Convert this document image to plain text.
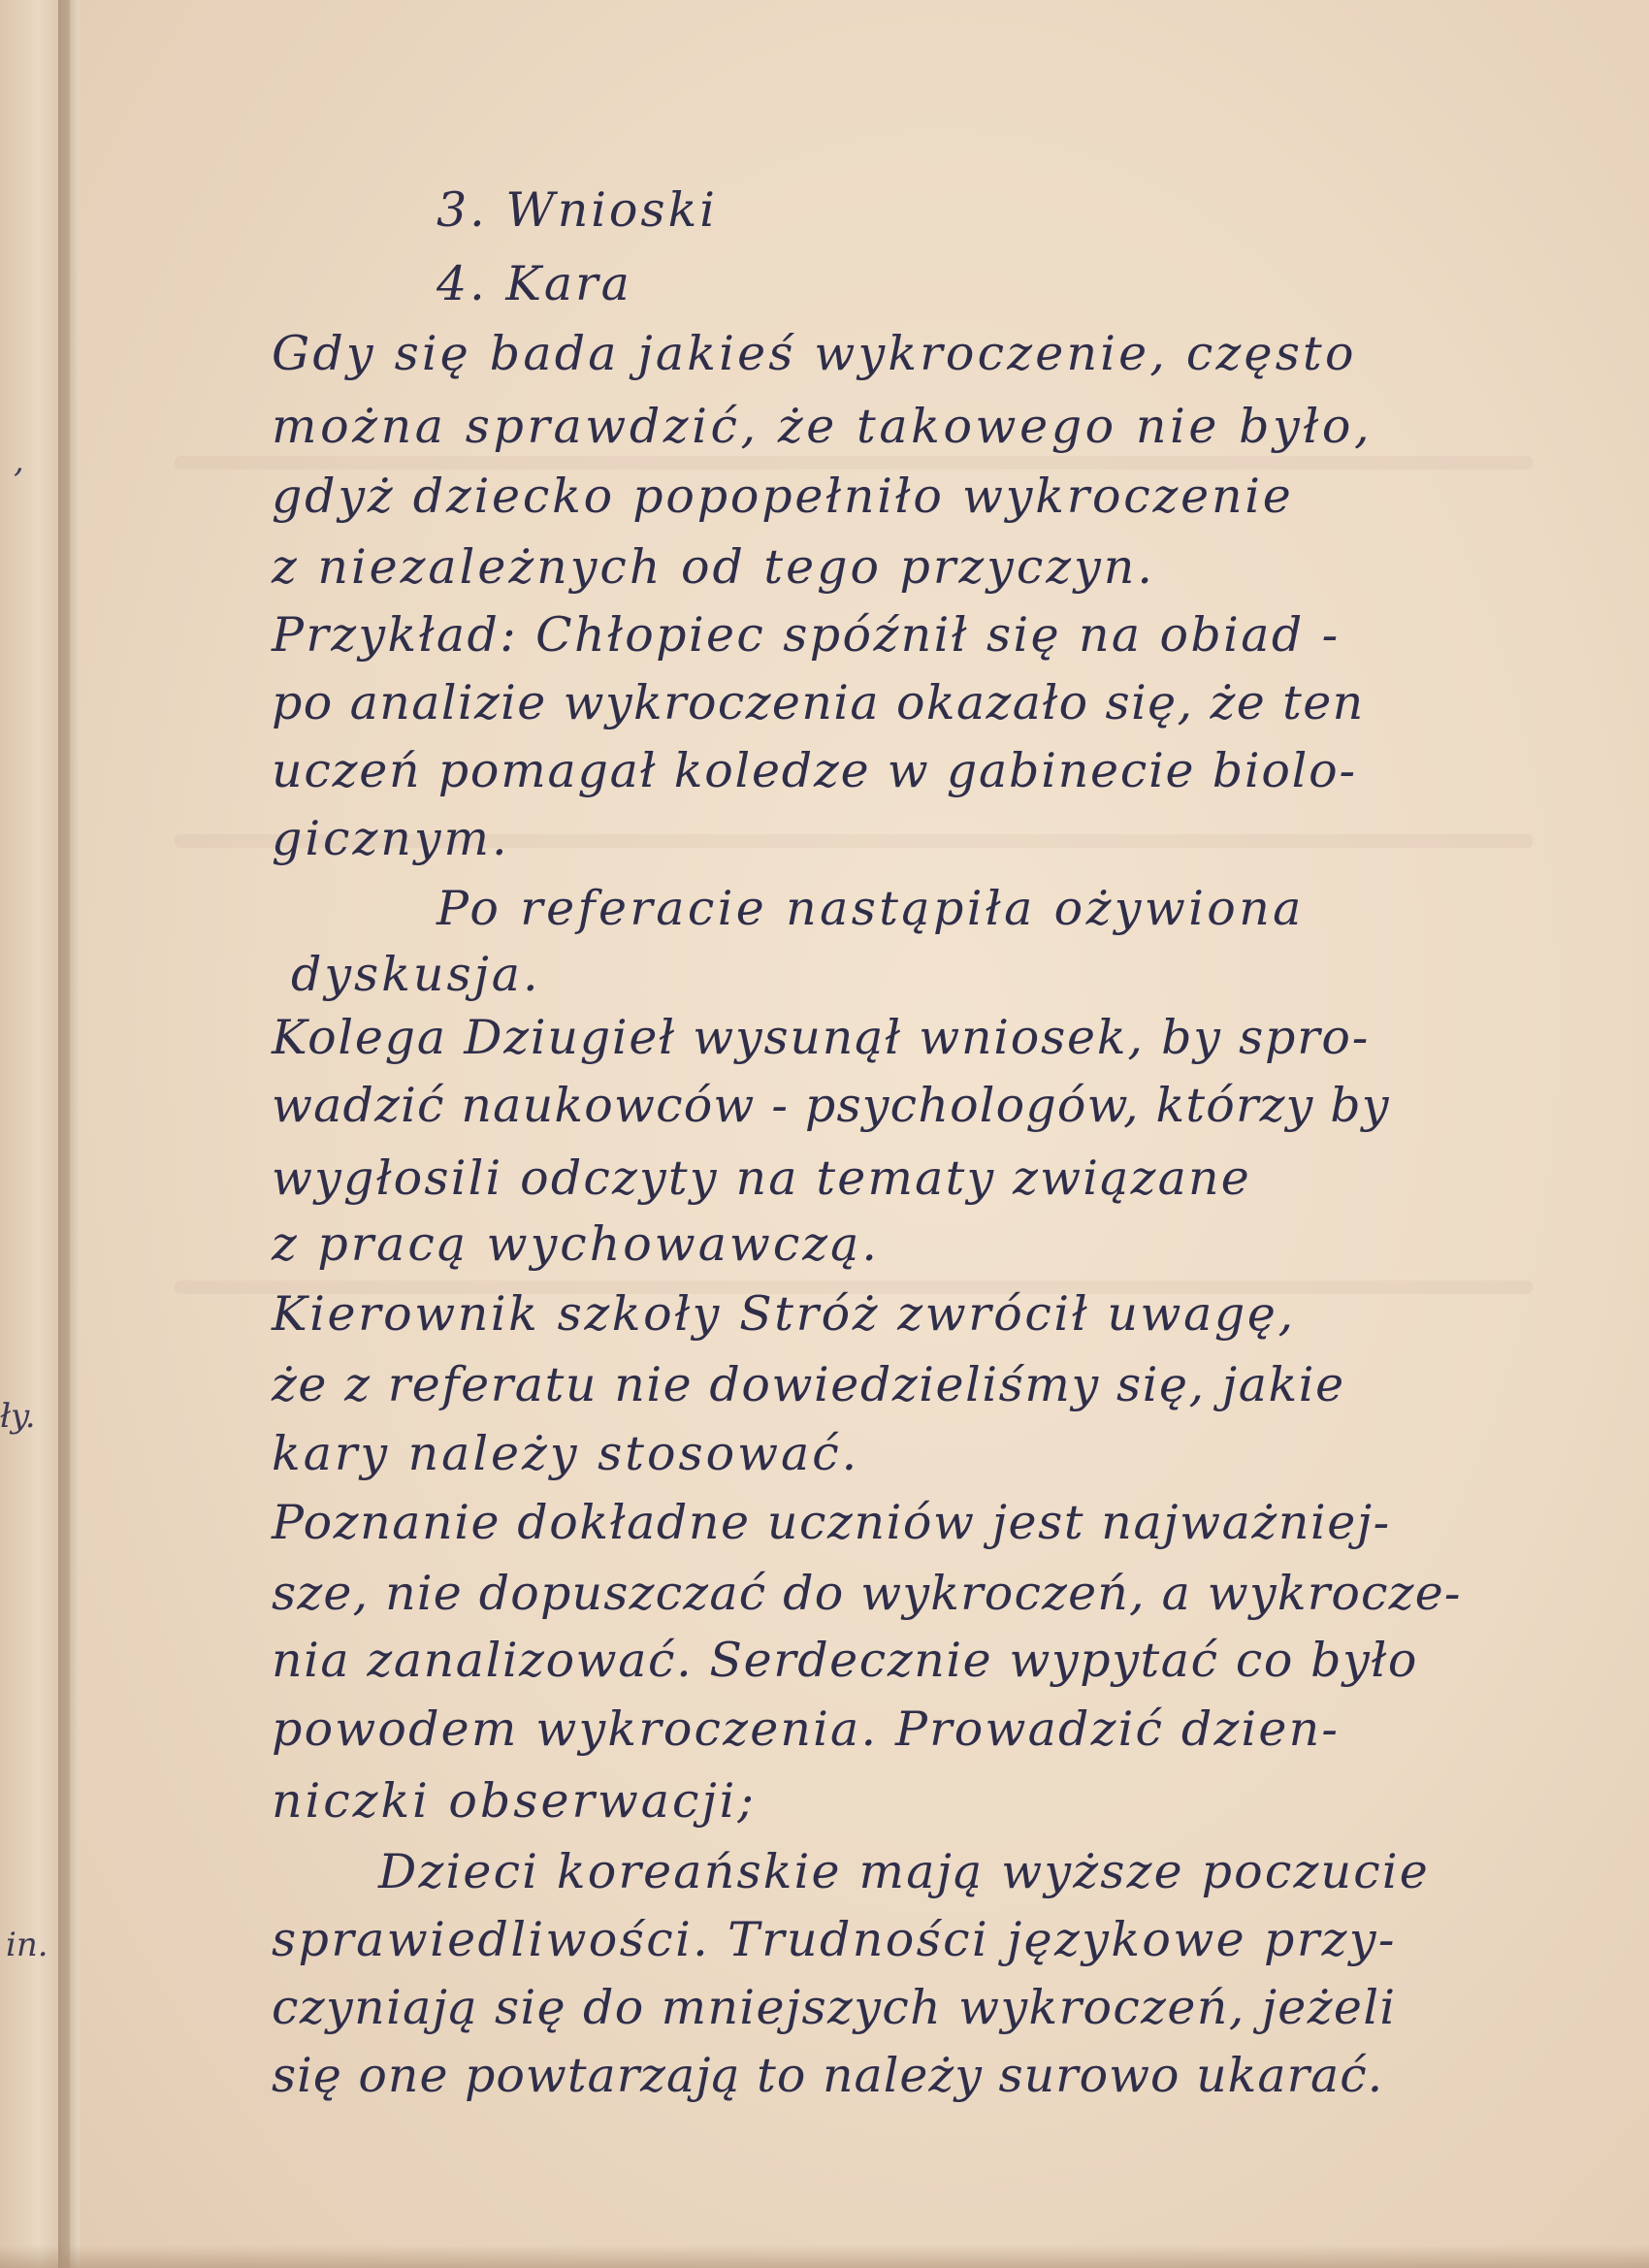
,
ły.
in.

3. Wnioski

4. Kara

Gdy się bada jakieś wykroczenie, często

można sprawdzić, że takowego nie było,

gdyż dziecko popopełniło wykroczenie

z niezależnych od tego przyczyn.

Przykład: Chłopiec spóźnił się na obiad -

po analizie wykroczenia okazało się, że ten

uczeń pomagał koledze w gabinecie biolo-

gicznym.

Po referacie nastąpiła ożywiona

dyskusja.

Kolega Dziugieł wysunął wniosek, by spro-

wadzić naukowców - psychologów, którzy by

wygłosili odczyty na tematy związane

z pracą wychowawczą.

Kierownik szkoły Stróż zwrócił uwagę,

że z referatu nie dowiedzieliśmy się, jakie

kary należy stosować.

Poznanie dokładne uczniów jest najważniej-

sze, nie dopuszczać do wykroczeń, a wykrocze-

nia zanalizować. Serdecznie wypytać co było

powodem wykroczenia. Prowadzić dzien-

niczki obserwacji;

Dzieci koreańskie mają wyższe poczucie

sprawiedliwości. Trudności językowe przy-

czyniają się do mniejszych wykroczeń, jeżeli

się one powtarzają to należy surowo ukarać.
